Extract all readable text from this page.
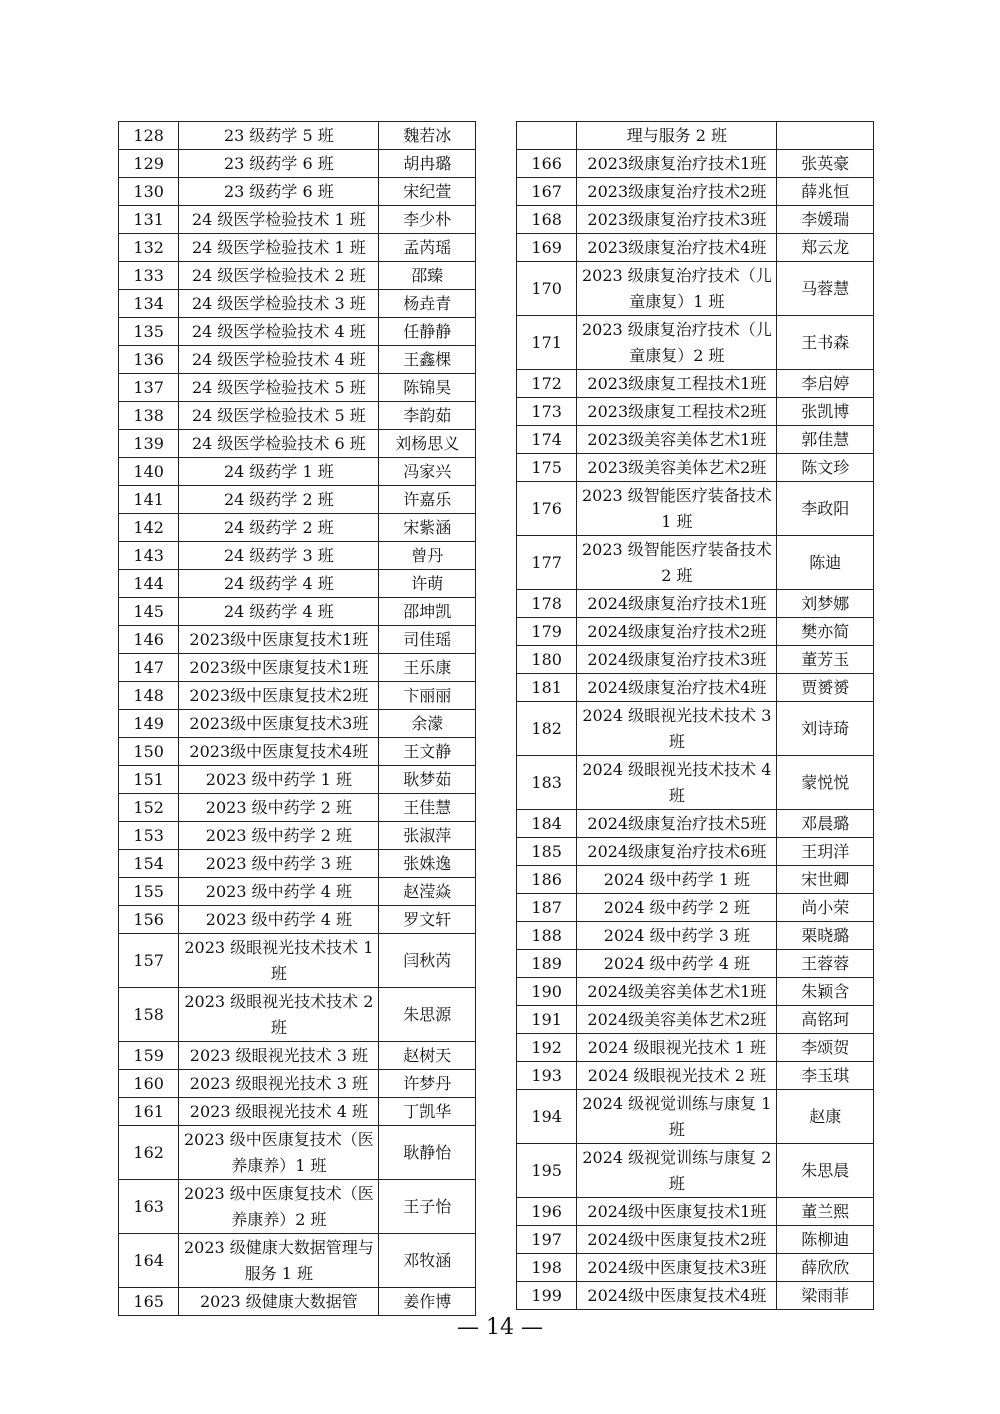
128	23 级药学 5 班	魏若冰
129	23 级药学 6 班	胡冉璐
130	23 级药学 6 班	宋纪萱
131	24 级医学检验技术 1 班	李少朴
132	24 级医学检验技术 1 班	孟芮瑶
133	24 级医学检验技术 2 班	邵臻
134	24 级医学检验技术 3 班	杨垚青
135	24 级医学检验技术 4 班	任静静
136	24 级医学检验技术 4 班	王鑫棵
137	24 级医学检验技术 5 班	陈锦昊
138	24 级医学检验技术 5 班	李韵茹
139	24 级医学检验技术 6 班	刘杨思义
140	24 级药学 1 班	冯家兴
141	24 级药学 2 班	许嘉乐
142	24 级药学 2 班	宋紫涵
143	24 级药学 3 班	曾丹
144	24 级药学 4 班	许萌
145	24 级药学 4 班	邵坤凯
146	2023级中医康复技术1班	司佳瑶
147	2023级中医康复技术1班	王乐康
148	2023级中医康复技术2班	卞丽丽
149	2023级中医康复技术3班	余濛
150	2023级中医康复技术4班	王文静
151	2023 级中药学 1 班	耿梦茹
152	2023 级中药学 2 班	王佳慧
153	2023 级中药学 2 班	张淑萍
154	2023 级中药学 3 班	张姝逸
155	2023 级中药学 4 班	赵滢焱
156	2023 级中药学 4 班	罗文轩
157	2023 级眼视光技术技术 1 班	闫秋芮
158	2023 级眼视光技术技术 2 班	朱思源
159	2023 级眼视光技术 3 班	赵树天
160	2023 级眼视光技术 3 班	许梦丹
161	2023 级眼视光技术 4 班	丁凯华
162	2023 级中医康复技术（医养康养）1 班	耿静怡
163	2023 级中医康复技术（医养康养）2 班	王子怡
164	2023 级健康大数据管理与服务 1 班	邓牧涵
165	2023 级健康大数据管	姜作博
	理与服务 2 班	
166	2023级康复治疗技术1班	张英豪
167	2023级康复治疗技术2班	薛兆恒
168	2023级康复治疗技术3班	李媛瑞
169	2023级康复治疗技术4班	郑云龙
170	2023 级康复治疗技术（儿童康复）1 班	马蓉慧
171	2023 级康复治疗技术（儿童康复）2 班	王书森
172	2023级康复工程技术1班	李启婷
173	2023级康复工程技术2班	张凯博
174	2023级美容美体艺术1班	郭佳慧
175	2023级美容美体艺术2班	陈文珍
176	2023 级智能医疗装备技术 1 班	李政阳
177	2023 级智能医疗装备技术 2 班	陈迪
178	2024级康复治疗技术1班	刘梦娜
179	2024级康复治疗技术2班	樊亦简
180	2024级康复治疗技术3班	董芳玉
181	2024级康复治疗技术4班	贾赟赟
182	2024 级眼视光技术技术 3 班	刘诗琦
183	2024 级眼视光技术技术 4 班	蒙悦悦
184	2024级康复治疗技术5班	邓晨璐
185	2024级康复治疗技术6班	王玥洋
186	2024 级中药学 1 班	宋世卿
187	2024 级中药学 2 班	尚小荣
188	2024 级中药学 3 班	栗晓璐
189	2024 级中药学 4 班	王蓉蓉
190	2024级美容美体艺术1班	朱颖含
191	2024级美容美体艺术2班	高铭珂
192	2024 级眼视光技术 1 班	李颂贺
193	2024 级眼视光技术 2 班	李玉琪
194	2024 级视觉训练与康复 1 班	赵康
195	2024 级视觉训练与康复 2 班	朱思晨
196	2024级中医康复技术1班	董兰熙
197	2024级中医康复技术2班	陈柳迪
198	2024级中医康复技术3班	薛欣欣
199	2024级中医康复技术4班	梁雨菲
— 14 —
